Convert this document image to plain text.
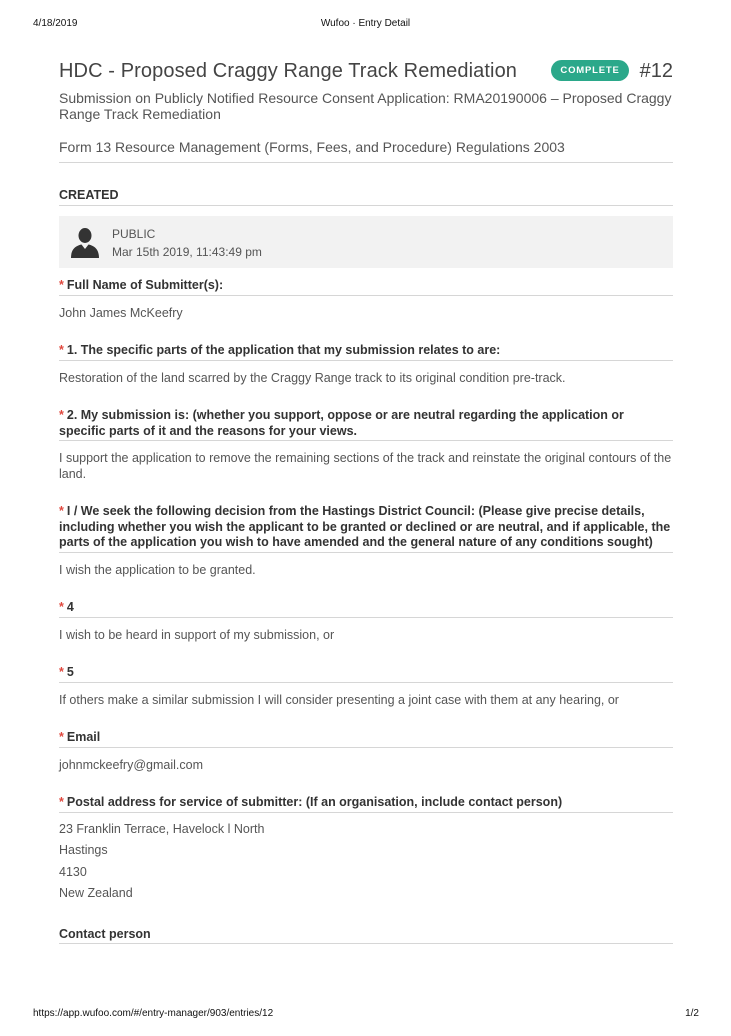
4/18/2019	Wufoo · Entry Detail
HDC - Proposed Craggy Range Track Remediation	COMPLETE	#12
Submission on Publicly Notified Resource Consent Application: RMA20190006 – Proposed Craggy Range Track Remediation
Form 13 Resource Management (Forms, Fees, and Procedure) Regulations 2003
CREATED
PUBLIC
Mar 15th 2019, 11:43:49 pm
* Full Name of Submitter(s):
John James McKeefry
* 1. The specific parts of the application that my submission relates to are:
Restoration of the land scarred by the Craggy Range track to its original condition pre-track.
* 2. My submission is: (whether you support, oppose or are neutral regarding the application or specific parts of it and the reasons for your views.
I support the application to remove the remaining sections of the track and reinstate the original contours of the land.
* I / We seek the following decision from the Hastings District Council: (Please give precise details, including whether you wish the applicant to be granted or declined or are neutral, and if applicable, the parts of the application you wish to have amended and the general nature of any conditions sought)
I wish the application to be granted.
* 4
I wish to be heard in support of my submission, or
* 5
If others make a similar submission I will consider presenting a joint case with them at any hearing, or
* Email
johnmckeefry@gmail.com
* Postal address for service of submitter: (If an organisation, include contact person)
23 Franklin Terrace, Havelock l North
Hastings
4130
New Zealand
Contact person
https://app.wufoo.com/#/entry-manager/903/entries/12	1/2
